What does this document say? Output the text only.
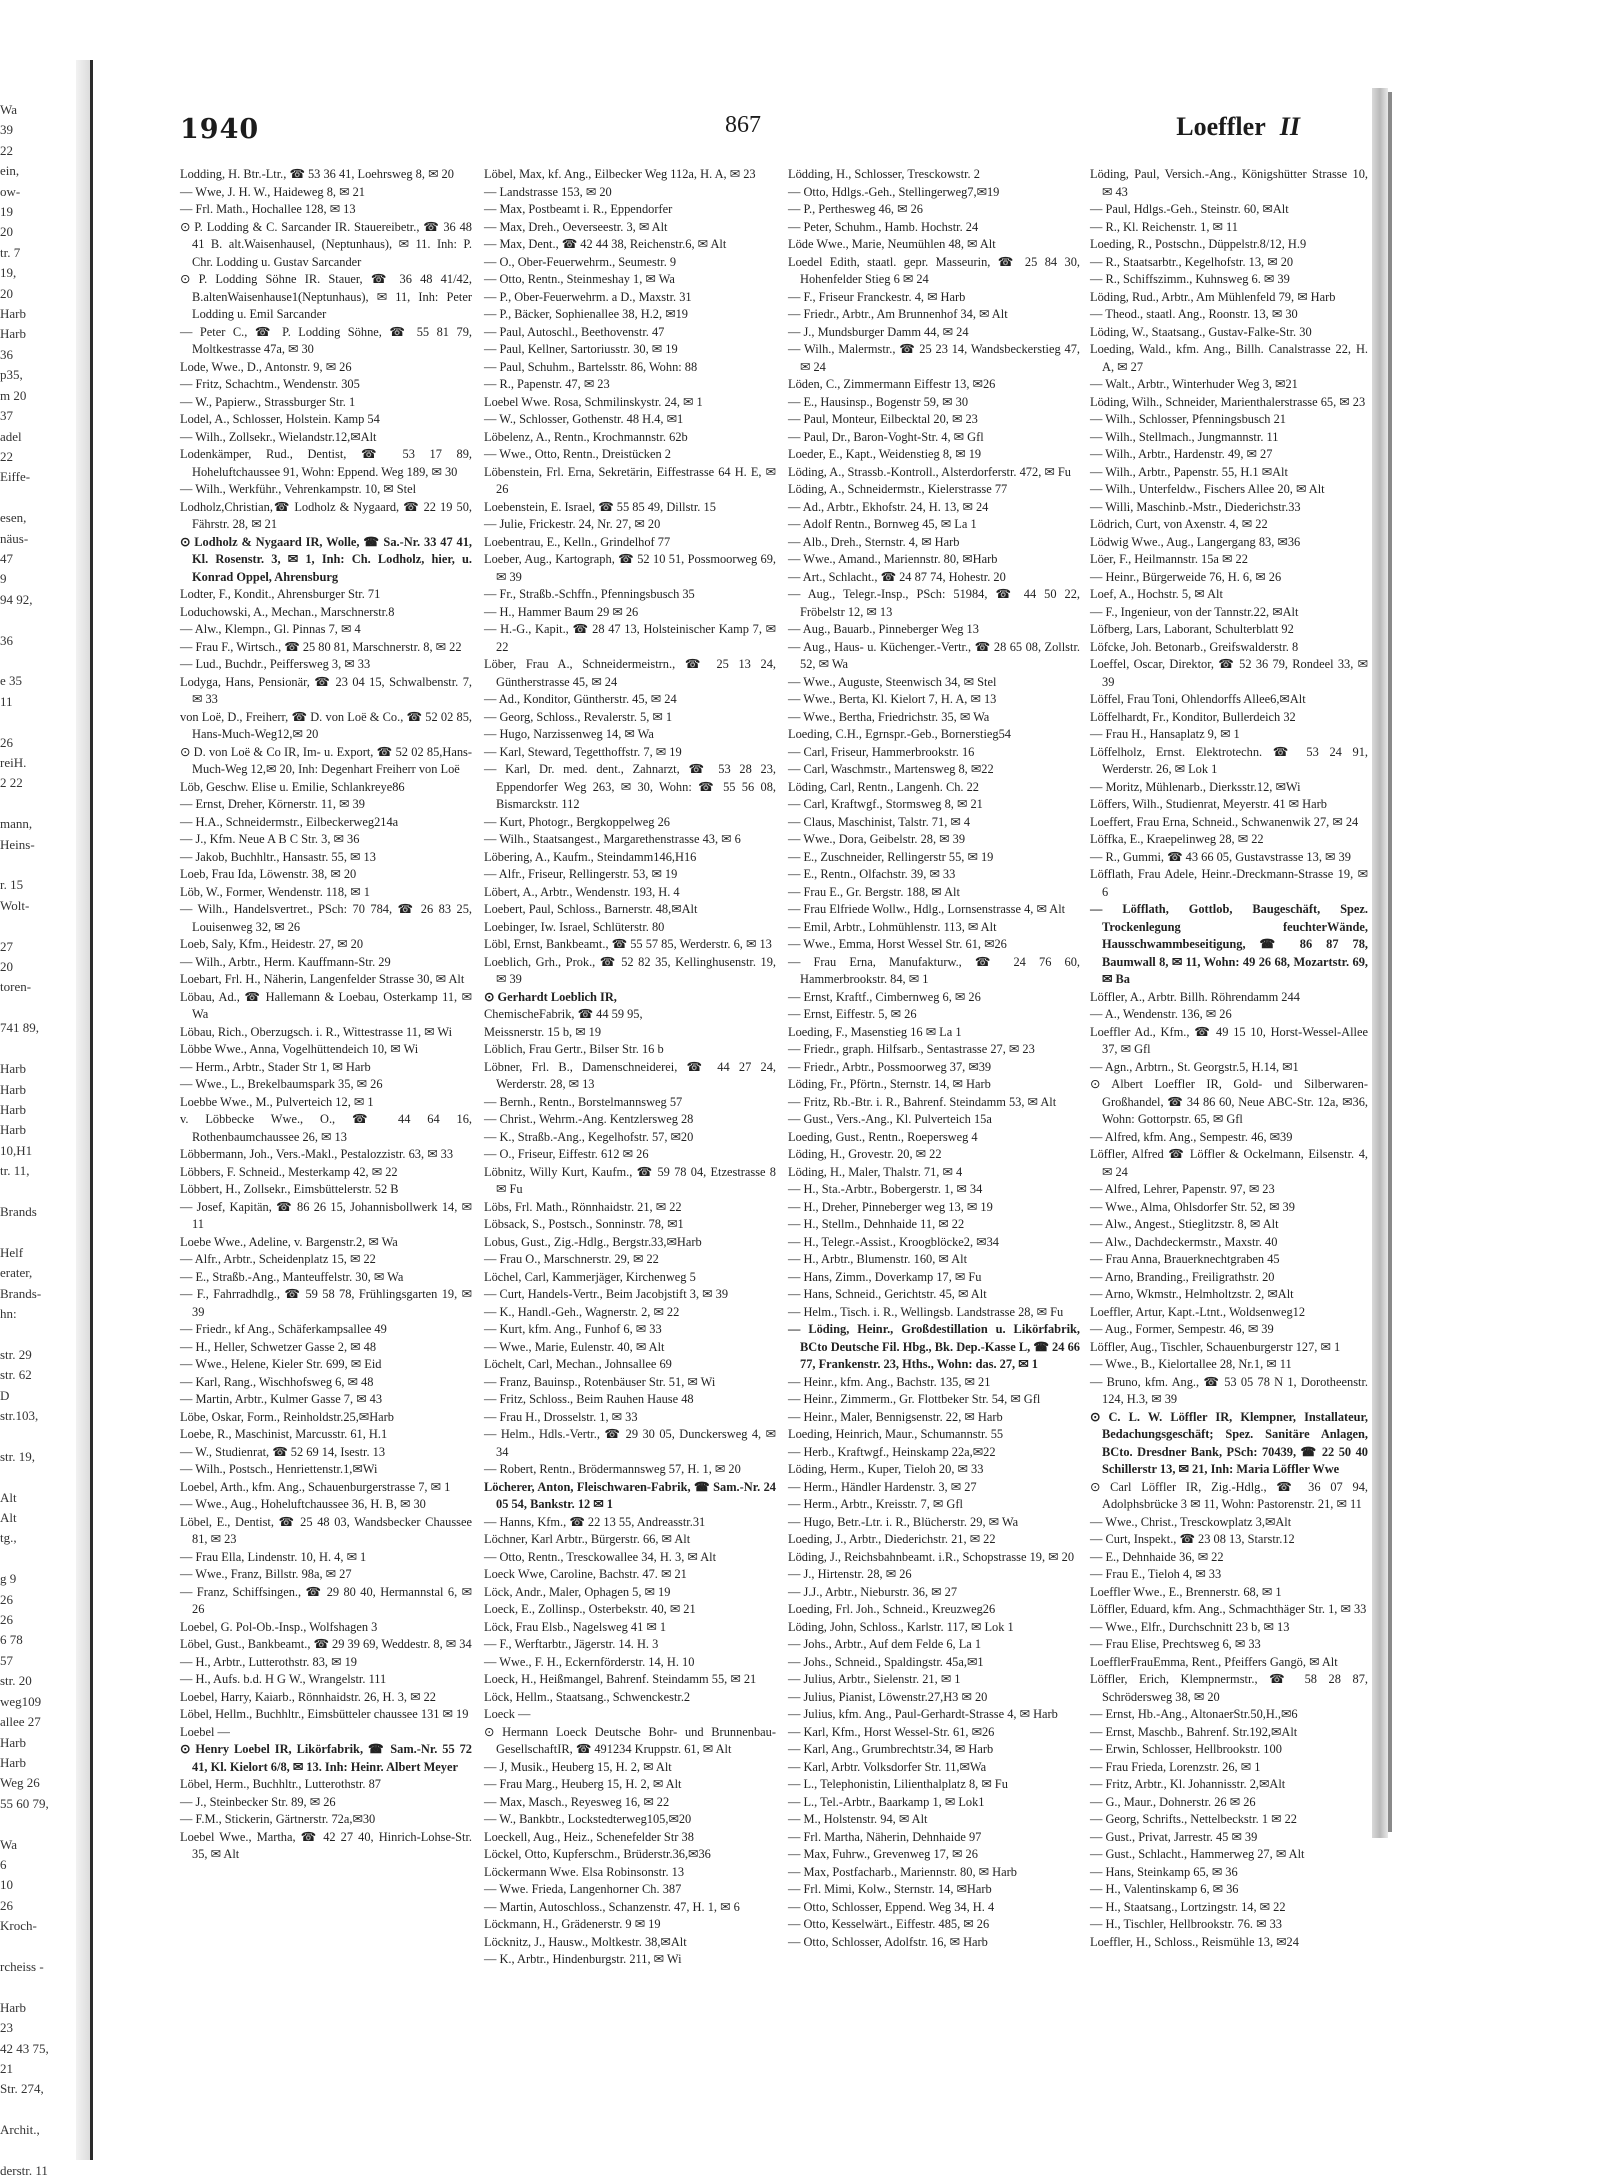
Wa
39
22
ein,
ow-
19
20
tr. 7
19,
20
Harb
Harb
36
p35,
m 20
37
adel
22
Eiffe-

esen,
näus-
47
9
94 92,

36

e 35
11

26
reiH.
2 22

mann,
Heins-

r. 15
Wolt-

27
20
toren-

741 89,

Harb
Harb
Harb
Harb
10,H1
tr. 11,

Brands

Helf
erater,
Brands-
hn:

str. 29
str. 62
D
str.103,

str. 19,

Alt
Alt
tg.,

g 9
26
26
6 78
57
str. 20
weg109
allee 27
Harb
Harb
Weg 26
55 60 79,

Wa
6
10
26
Kroch-

rcheiss -

Harb
23
42 43 75,
21
Str. 274,

Archit.,

derstr. 11
1940	867	Loeffler II

Lodding, H. Btr.-Ltr., ☎ 53 36 41, Loehrsweg 8, ✉ 20

— Wwe, J. H. W., Haideweg 8, ✉ 21

— Frl. Math., Hochallee 128, ✉ 13

⊙ P. Lodding & C. Sarcander IR. Stauereibetr., ☎ 36 48 41 B. alt.Waisenhausel, (Neptunhaus), ✉ 11. Inh: P. Chr. Lodding u. Gustav Sarcander

⊙ P. Lodding Söhne IR. Stauer, ☎ 36 48 41/42, B.altenWaisenhause1(Neptunhaus), ✉ 11, Inh: Peter Lodding u. Emil Sarcander

— Peter C., ☎ P. Lodding Söhne, ☎ 55 81 79, Moltkestrasse 47a, ✉ 30

Lode, Wwe., D., Antonstr. 9, ✉ 26

— Fritz, Schachtm., Wendenstr. 305

— W., Papierw., Strassburger Str. 1

Lodel, A., Schlosser, Holstein. Kamp 54

— Wilh., Zollsekr., Wielandstr.12,✉Alt

Lodenkämper, Rud., Dentist, ☎ 53 17 89, Hoheluftchaussee 91, Wohn: Eppend. Weg 189, ✉ 30

— Wilh., Werkführ., Vehrenkampstr. 10, ✉ Stel

Lodholz,Christian,☎ Lodholz & Nygaard, ☎ 22 19 50, Fährstr. 28, ✉ 21

⊙ Lodholz & Nygaard IR, Wolle, ☎ Sa.-Nr. 33 47 41, Kl. Rosenstr. 3, ✉ 1, Inh: Ch. Lodholz, hier, u. Konrad Oppel, Ahrensburg

Lodter, F., Kondit., Ahrensburger Str. 71

Loduchowski, A., Mechan., Marschnerstr.8

— Alw., Klempn., Gl. Pinnas 7, ✉ 4

— Frau F., Wirtsch., ☎ 25 80 81, Marschnerstr. 8, ✉ 22

— Lud., Buchdr., Peiffersweg 3, ✉ 33

Lodyga, Hans, Pensionär, ☎ 23 04 15, Schwalbenstr. 7, ✉ 33

von Loë, D., Freiherr, ☎ D. von Loë & Co., ☎ 52 02 85, Hans-Much-Weg12,✉ 20

⊙ D. von Loë & Co IR, Im- u. Export, ☎ 52 02 85,Hans-Much-Weg 12,✉ 20, Inh: Degenhart Freiherr von Loë

Löb, Geschw. Elise u. Emilie, Schlankreye86

— Ernst, Dreher, Körnerstr. 11, ✉ 39

— H.A., Schneidermstr., Eilbeckerweg214a

— J., Kfm. Neue A B C Str. 3, ✉ 36

— Jakob, Buchhltr., Hansastr. 55, ✉ 13

Loeb, Frau Ida, Löwenstr. 38, ✉ 20

Löb, W., Former, Wendenstr. 118, ✉ 1

— Wilh., Handelsvertret., PSch: 70 784, ☎ 26 83 25, Louisenweg 32, ✉ 26

Loeb, Saly, Kfm., Heidestr. 27, ✉ 20

— Wilh., Arbtr., Herm. Kauffmann-Str. 29

Loebart, Frl. H., Näherin, Langenfelder Strasse 30, ✉ Alt

Löbau, Ad., ☎ Hallemann & Loebau, Osterkamp 11, ✉ Wa

Löbau, Rich., Oberzugsch. i. R., Wittestrasse 11, ✉ Wi

Löbbe Wwe., Anna, Vogelhüttendeich 10, ✉ Wi

— Herm., Arbtr., Stader Str 1, ✉ Harb

— Wwe., L., Brekelbaumspark 35, ✉ 26

Loebbe Wwe., M., Pulverteich 12, ✉ 1

v. Löbbecke Wwe., O., ☎ 44 64 16, Rothenbaumchaussee 26, ✉ 13

Löbbermann, Joh., Vers.-Makl., Pestalozzistr. 63, ✉ 33

Löbbers, F. Schneid., Mesterkamp 42, ✉ 22

Löbbert, H., Zollsekr., Eimsbüttelerstr. 52 B

— Josef, Kapitän, ☎ 86 26 15, Johannisbollwerk 14, ✉ 11

Loebe Wwe., Adeline, v. Bargenstr.2, ✉ Wa

— Alfr., Arbtr., Scheidenplatz 15, ✉ 22

— E., Straßb.-Ang., Manteuffelstr. 30, ✉ Wa

— F., Fahrradhdlg., ☎ 59 58 78, Frühlingsgarten 19, ✉ 39

— Friedr., kf Ang., Schäferkampsallee 49

— H., Heller, Schwetzer Gasse 2, ✉ 48

— Wwe., Helene, Kieler Str. 699, ✉ Eid

— Karl, Rang., Wischhofsweg 6, ✉ 48

— Martin, Arbtr., Kulmer Gasse 7, ✉ 43

Löbe, Oskar, Form., Reinholdstr.25,✉Harb

Loebe, R., Maschinist, Marcusstr. 61, H.1

— W., Studienrat, ☎ 52 69 14, Isestr. 13

— Wilh., Postsch., Henriettenstr.1,✉Wi

Loebel, Arth., kfm. Ang., Schauenburgerstrasse 7, ✉ 1

— Wwe., Aug., Hoheluftchaussee 36, H. B, ✉ 30

Löbel, E., Dentist, ☎ 25 48 03, Wandsbecker Chaussee 81, ✉ 23

— Frau Ella, Lindenstr. 10, H. 4, ✉ 1

— Wwe., Franz, Billstr. 98a, ✉ 27

— Franz, Schiffsingen., ☎ 29 80 40, Hermannstal 6, ✉ 26

Loebel, G. Pol-Ob.-Insp., Wolfshagen 3

Löbel, Gust., Bankbeamt., ☎ 29 39 69, Weddestr. 8, ✉ 34

— H., Arbtr., Lutterothstr. 83, ✉ 19

— H., Aufs. b.d. H G W., Wrangelstr. 111

Loebel, Harry, Kaiarb., Rönnhaidstr. 26, H. 3, ✉ 22

Löbel, Hellm., Buchhltr., Eimsbütteler chaussee 131 ✉ 19

Loebel —

⊙ Henry Loebel IR, Likörfabrik, ☎ Sam.-Nr. 55 72 41, Kl. Kielort 6/8, ✉ 13. Inh: Heinr. Albert Meyer

Löbel, Herm., Buchhltr., Lutterothstr. 87

— J., Steinbecker Str. 89, ✉ 26

— F.M., Stickerin, Gärtnerstr. 72a,✉30

Loebel Wwe., Martha, ☎ 42 27 40, Hinrich-Lohse-Str. 35, ✉ Alt

Löbel, Max, kf. Ang., Eilbecker Weg 112a, H. A, ✉ 23

— Landstrasse 153, ✉ 20

— Max, Postbeamt i. R., Eppendorfer

— Max, Dreh., Oeverseestr. 3, ✉ Alt

— Max, Dent., ☎ 42 44 38, Reichenstr.6, ✉ Alt

— O., Ober-Feuerwehrm., Seumestr. 9

— Otto, Rentn., Steinmeshay 1, ✉ Wa

— P., Ober-Feuerwehrm. a D., Maxstr. 31

— P., Bäcker, Sophienallee 38, H.2, ✉19

— Paul, Autoschl., Beethovenstr. 47

— Paul, Kellner, Sartoriusstr. 30, ✉ 19

— Paul, Schuhm., Bartelsstr. 86, Wohn: 88

— R., Papenstr. 47, ✉ 23

Loebel Wwe. Rosa, Schmilinskystr. 24, ✉ 1

— W., Schlosser, Gothenstr. 48 H.4, ✉1

Löbelenz, A., Rentn., Krochmannstr. 62b

— Wwe., Otto, Rentn., Dreistücken 2

Löbenstein, Frl. Erna, Sekretärin, Eiffestrasse 64 H. E, ✉ 26

Loebenstein, E. Israel, ☎ 55 85 49, Dillstr. 15

— Julie, Frickestr. 24, Nr. 27, ✉ 20

Loebentrau, E., Kelln., Grindelhof 77

Loeber, Aug., Kartograph, ☎ 52 10 51, Possmoorweg 69, ✉ 39

— Fr., Straßb.-Schffn., Pfenningsbusch 35

— H., Hammer Baum 29 ✉ 26

— H.-G., Kapit., ☎ 28 47 13, Holsteinischer Kamp 7, ✉ 22

Löber, Frau A., Schneidermeistrn., ☎ 25 13 24, Güntherstrasse 45, ✉ 24

— Ad., Konditor, Güntherstr. 45, ✉ 24

— Georg, Schloss., Revalerstr. 5, ✉ 1

— Hugo, Narzissenweg 14, ✉ Wa

— Karl, Steward, Tegetthoffstr. 7, ✉ 19

— Karl, Dr. med. dent., Zahnarzt, ☎ 53 28 23, Eppendorfer Weg 263, ✉ 30, Wohn: ☎ 55 56 08, Bismarckstr. 112

— Kurt, Photogr., Bergkoppelweg 26

— Wilh., Staatsangest., Margarethenstrasse 43, ✉ 6

Löbering, A., Kaufm., Steindamm146,H16

— Alfr., Friseur, Rellingerstr. 53, ✉ 19

Löbert, A., Arbtr., Wendenstr. 193, H. 4

Loebert, Paul, Schloss., Barnerstr. 48,✉Alt

Loebinger, Iw. Israel, Schlüterstr. 80

Löbl, Ernst, Bankbeamt., ☎ 55 57 85, Werderstr. 6, ✉ 13

Loeblich, Grh., Prok., ☎ 52 82 35, Kellinghusenstr. 19, ✉ 39

⊙ Gerhardt Loeblich IR,

ChemischeFabrik, ☎ 44 59 95,

Meissnerstr. 15 b, ✉ 19

Löblich, Frau Gertr., Bilser Str. 16 b

Löbner, Frl. B., Damenschneiderei, ☎ 44 27 24, Werderstr. 28, ✉ 13

— Bernh., Rentn., Borstelmannsweg 57

— Christ., Wehrm.-Ang. Kentzlersweg 28

— K., Straßb.-Ang., Kegelhofstr. 57, ✉20

— O., Friseur, Eiffestr. 612 ✉ 26

Löbnitz, Willy Kurt, Kaufm., ☎ 59 78 04, Etzestrasse 8 ✉ Fu

Löbs, Frl. Math., Rönnhaidstr. 21, ✉ 22

Löbsack, S., Postsch., Sonninstr. 78, ✉1

Lobus, Gust., Zig.-Hdlg., Bergstr.33,✉Harb

— Frau O., Marschnerstr. 29, ✉ 22

Löchel, Carl, Kammerjäger, Kirchenweg 5

— Curt, Handels-Vertr., Beim Jacobjstift 3, ✉ 39

— K., Handl.-Geh., Wagnerstr. 2, ✉ 22

— Kurt, kfm. Ang., Funhof 6, ✉ 33

— Wwe., Marie, Eulenstr. 40, ✉ Alt

Löchelt, Carl, Mechan., Johnsallee 69

— Franz, Bauinsp., Rotenbäuser Str. 51, ✉ Wi

— Fritz, Schloss., Beim Rauhen Hause 48

— Frau H., Drosselstr. 1, ✉ 33

— Helm., Hdls.-Vertr., ☎ 29 30 05, Dunckersweg 4, ✉ 34

— Robert, Rentn., Brödermannsweg 57, H. 1, ✉ 20

Löcherer, Anton, Fleischwaren-Fabrik, ☎ Sam.-Nr. 24 05 54, Bankstr. 12 ✉ 1

— Hanns, Kfm., ☎ 22 13 55, Andreasstr.31

Löchner, Karl Arbtr., Bürgerstr. 66, ✉ Alt

— Otto, Rentn., Tresckowallee 34, H. 3, ✉ Alt

Loeck Wwe, Caroline, Bachstr. 47. ✉ 21

Löck, Andr., Maler, Ophagen 5, ✉ 19

Loeck, E., Zollinsp., Osterbekstr. 40, ✉ 21

Löck, Frau Elsb., Nagelsweg 41 ✉ 1

— F., Werftarbtr., Jägerstr. 14. H. 3

— Wwe., F. H., Eckernförderstr. 14, H. 10

Loeck, H., Heißmangel, Bahrenf. Steindamm 55, ✉ 21

Löck, Hellm., Staatsang., Schwenckestr.2

Loeck —

⊙ Hermann Loeck Deutsche Bohr- und Brunnenbau-GesellschaftIR, ☎ 491234 Kruppstr. 61, ✉ Alt

— J, Musik., Heuberg 15, H. 2, ✉ Alt

— Frau Marg., Heuberg 15, H. 2, ✉ Alt

— Max, Masch., Reyesweg 16, ✉ 22

— W., Bankbtr., Lockstedterweg105,✉20

Loeckell, Aug., Heiz., Schenefelder Str 38

Löckel, Otto, Kupferschm., Brüderstr.36,✉36

Löckermann Wwe. Elsa Robinsonstr. 13

— Wwe. Frieda, Langenhorner Ch. 387

— Martin, Autoschloss., Schanzenstr. 47, H. 1, ✉ 6

Löckmann, H., Grädenerstr. 9 ✉ 19

Löcknitz, J., Hausw., Moltkestr. 38,✉Alt

— K., Arbtr., Hindenburgstr. 211, ✉ Wi

Lödding, H., Schlosser, Tresckowstr. 2

— Otto, Hdlgs.-Geh., Stellingerweg7,✉19

— P., Perthesweg 46, ✉ 26

— Peter, Schuhm., Hamb. Hochstr. 24

Löde Wwe., Marie, Neumühlen 48, ✉ Alt

Loedel Edith, staatl. gepr. Masseurin, ☎ 25 84 30, Hohenfelder Stieg 6 ✉ 24

— F., Friseur Franckestr. 4, ✉ Harb

— Friedr., Arbtr., Am Brunnenhof 34, ✉ Alt

— J., Mundsburger Damm 44, ✉ 24

— Wilh., Malermstr., ☎ 25 23 14, Wandsbeckerstieg 47, ✉ 24

Löden, C., Zimmermann Eiffestr 13, ✉26

— E., Hausinsp., Bogenstr 59, ✉ 30

— Paul, Monteur, Eilbecktal 20, ✉ 23

— Paul, Dr., Baron-Voght-Str. 4, ✉ Gfl

Loeder, E., Kapt., Weidenstieg 8, ✉ 19

Löding, A., Strassb.-Kontroll., Alsterdorferstr. 472, ✉ Fu

Löding, A., Schneidermstr., Kielerstrasse 77

— Ad., Arbtr., Ekhofstr. 24, H. 13, ✉ 24

— Adolf Rentn., Bornweg 45, ✉ La 1

— Alb., Dreh., Sternstr. 4, ✉ Harb

— Wwe., Amand., Mariennstr. 80, ✉Harb

— Art., Schlacht., ☎ 24 87 74, Hohestr. 20

— Aug., Telegr.-Insp., PSch: 51984, ☎ 44 50 22, Fröbelstr 12, ✉ 13

— Aug., Bauarb., Pinneberger Weg 13

— Aug., Haus- u. Küchenger.-Vertr., ☎ 28 65 08, Zollstr. 52, ✉ Wa

— Wwe., Auguste, Steenwisch 34, ✉ Stel

— Wwe., Berta, Kl. Kielort 7, H. A, ✉ 13

— Wwe., Bertha, Friedrichstr. 35, ✉ Wa

Loeding, C.H., Egrnspr.-Geb., Bornerstieg54

— Carl, Friseur, Hammerbrookstr. 16

— Carl, Waschmstr., Martensweg 8, ✉22

Löding, Carl, Rentn., Langenh. Ch. 22

— Carl, Kraftwgf., Stormsweg 8, ✉ 21

— Claus, Maschinist, Talstr. 71, ✉ 4

— Wwe., Dora, Geibelstr. 28, ✉ 39

— E., Zuschneider, Rellingerstr 55, ✉ 19

— E., Rentn., Olfachstr. 39, ✉ 33

— Frau E., Gr. Bergstr. 188, ✉ Alt

— Frau Elfriede Wollw., Hdlg., Lornsenstrasse 4, ✉ Alt

— Emil, Arbtr., Lohmühlenstr. 113, ✉ Alt

— Wwe., Emma, Horst Wessel Str. 61, ✉26

— Frau Erna, Manufakturw., ☎ 24 76 60, Hammerbrookstr. 84, ✉ 1

— Ernst, Kraftf., Cimbernweg 6, ✉ 26

— Ernst, Eiffestr. 5, ✉ 26

Loeding, F., Masenstieg 16 ✉ La 1

— Friedr., graph. Hilfsarb., Sentastrasse 27, ✉ 23

— Friedr., Arbtr., Possmoorweg 37, ✉39

Löding, Fr., Pförtn., Sternstr. 14, ✉ Harb

— Fritz, Rb.-Btr. i. R., Bahrenf. Steindamm 53, ✉ Alt

— Gust., Vers.-Ang., Kl. Pulverteich 15a

Loeding, Gust., Rentn., Roepersweg 4

Löding, H., Grovestr. 20, ✉ 22

Löding, H., Maler, Thalstr. 71, ✉ 4

— H., Sta.-Arbtr., Bobergerstr. 1, ✉ 34

— H., Dreher, Pinneberger weg 13, ✉ 19

— H., Stellm., Dehnhaide 11, ✉ 22

— H., Telegr.-Assist., Kroogblöcke2, ✉34

— H., Arbtr., Blumenstr. 160, ✉ Alt

— Hans, Zimm., Doverkamp 17, ✉ Fu

— Hans, Schneid., Gerichtstr. 45, ✉ Alt

— Helm., Tisch. i. R., Wellingsb. Landstrasse 28, ✉ Fu

— Löding, Heinr., Großdestillation u. Likörfabrik, BCto Deutsche Fil. Hbg., Bk. Dep.-Kasse L, ☎ 24 66 77, Frankenstr. 23, Hths., Wohn: das. 27, ✉ 1

— Heinr., kfm. Ang., Bachstr. 135, ✉ 21

— Heinr., Zimmerm., Gr. Flottbeker Str. 54, ✉ Gfl

— Heinr., Maler, Bennigsenstr. 22, ✉ Harb

Loeding, Heinrich, Maur., Schumannstr. 55

— Herb., Kraftwgf., Heinskamp 22a,✉22

Löding, Herm., Kuper, Tieloh 20, ✉ 33

— Herm., Händler Hardenstr. 3, ✉ 27

— Herm., Arbtr., Kreisstr. 7, ✉ Gfl

— Hugo, Betr.-Ltr. i. R., Blücherstr. 29, ✉ Wa

Loeding, J., Arbtr., Diederichstr. 21, ✉ 22

Löding, J., Reichsbahnbeamt. i.R., Schopstrasse 19, ✉ 20

— J., Hirtenstr. 28, ✉ 26

— J.J., Arbtr., Nieburstr. 36, ✉ 27

Loeding, Frl. Joh., Schneid., Kreuzweg26

Löding, John, Schloss., Karlstr. 117, ✉ Lok 1

— Johs., Arbtr., Auf dem Felde 6, La 1

— Johs., Schneid., Spaldingstr. 45a,✉1

— Julius, Arbtr., Sielenstr. 21, ✉ 1

— Julius, Pianist, Löwenstr.27,H3 ✉ 20

— Julius, kfm. Ang., Paul-Gerhardt-Strasse 4, ✉ Harb

— Karl, Kfm., Horst Wessel-Str. 61, ✉26

— Karl, Ang., Grumbrechtstr.34, ✉ Harb

— Karl, Arbtr. Volksdorfer Str. 11,✉Wa

— L., Telephonistin, Lilienthalplatz 8, ✉ Fu

— L., Tel.-Arbtr., Baarkamp 1, ✉ Lok1

— M., Holstenstr. 94, ✉ Alt

— Frl. Martha, Näherin, Dehnhaide 97

— Max, Fuhrw., Grevenweg 17, ✉ 26

— Max, Postfacharb., Mariennstr. 80, ✉ Harb

— Frl. Mimi, Kolw., Sternstr. 14, ✉Harb

— Otto, Schlosser, Eppend. Weg 34, H. 4

— Otto, Kesselwärt., Eiffestr. 485, ✉ 26

— Otto, Schlosser, Adolfstr. 16, ✉ Harb

Löding, Paul, Versich.-Ang., Königshütter Strasse 10, ✉ 43

— Paul, Hdlgs.-Geh., Steinstr. 60, ✉Alt

— R., Kl. Reichenstr. 1, ✉ 11

Loeding, R., Postschn., Düppelstr.8/12, H.9

— R., Staatsarbtr., Kegelhofstr. 13, ✉ 20

— R., Schiffszimm., Kuhnsweg 6. ✉ 39

Löding, Rud., Arbtr., Am Mühlenfeld 79, ✉ Harb

— Theod., staatl. Ang., Roonstr. 13, ✉ 30

Löding, W., Staatsang., Gustav-Falke-Str. 30

Loeding, Wald., kfm. Ang., Billh. Canalstrasse 22, H. A, ✉ 27

— Walt., Arbtr., Winterhuder Weg 3, ✉21

Löding, Wilh., Schneider, Marienthalerstrasse 65, ✉ 23

— Wilh., Schlosser, Pfenningsbusch 21

— Wilh., Stellmach., Jungmannstr. 11

— Wilh., Arbtr., Hardenstr. 49, ✉ 27

— Wilh., Arbtr., Papenstr. 55, H.1 ✉Alt

— Wilh., Unterfeldw., Fischers Allee 20, ✉ Alt

— Willi, Maschinb.-Mstr., Diederichstr.33

Lödrich, Curt, von Axenstr. 4, ✉ 22

Lödwig Wwe., Aug., Langergang 83, ✉36

Löer, F., Heilmannstr. 15a ✉ 22

— Heinr., Bürgerweide 76, H. 6, ✉ 26

Loef, A., Hochstr. 5, ✉ Alt

— F., Ingenieur, von der Tannstr.22, ✉Alt

Löfberg, Lars, Laborant, Schulterblatt 92

Löfcke, Joh. Betonarb., Greifswalderstr. 8

Loeffel, Oscar, Direktor, ☎ 52 36 79, Rondeel 33, ✉ 39

Löffel, Frau Toni, Ohlendorffs Allee6,✉Alt

Löffelhardt, Fr., Konditor, Bullerdeich 32

— Frau H., Hansaplatz 9, ✉ 1

Löffelholz, Ernst. Elektrotechn. ☎ 53 24 91, Werderstr. 26, ✉ Lok 1

— Moritz, Mühlenarb., Dierksstr.12, ✉Wi

Löffers, Wilh., Studienrat, Meyerstr. 41 ✉ Harb

Loeffert, Frau Erna, Schneid., Schwanenwik 27, ✉ 24

Löffka, E., Kraepelinweg 28, ✉ 22

— R., Gummi, ☎ 43 66 05, Gustavstrasse 13, ✉ 39

Löfflath, Frau Adele, Heinr.-Dreckmann-Strasse 19, ✉ 6

— Löfflath, Gottlob, Baugeschäft, Spez. Trockenlegung feuchterWände, Hausschwammbeseitigung, ☎ 86 87 78, Baumwall 8, ✉ 11, Wohn: 49 26 68, Mozartstr. 69, ✉ Ba

Löffler, A., Arbtr. Billh. Röhrendamm 244

— A., Wendenstr. 136, ✉ 26

Loeffler Ad., Kfm., ☎ 49 15 10, Horst-Wessel-Allee 37, ✉ Gfl

— Agn., Arbtrn., St. Georgstr.5, H.14, ✉1

⊙ Albert Loeffler IR, Gold- und Silberwaren-Großhandel, ☎ 34 86 60, Neue ABC-Str. 12a, ✉36, Wohn: Gottorpstr. 65, ✉ Gfl

— Alfred, kfm. Ang., Sempestr. 46, ✉39

Löffler, Alfred ☎ Löffler & Ockelmann, Eilsenstr. 4, ✉ 24

— Alfred, Lehrer, Papenstr. 97, ✉ 23

— Wwe., Alma, Ohlsdorfer Str. 52, ✉ 39

— Alw., Angest., Stieglitzstr. 8, ✉ Alt

— Alw., Dachdeckermstr., Maxstr. 40

— Frau Anna, Brauerknechtgraben 45

— Arno, Branding., Freiligrathstr. 20

— Arno, Wkmstr., Helmholtzstr. 2, ✉Alt

Loeffler, Artur, Kapt.-Ltnt., Woldsenweg12

— Aug., Former, Sempestr. 46, ✉ 39

Löffler, Aug., Tischler, Schauenburgerstr 127, ✉ 1

— Wwe., B., Kielortallee 28, Nr.1, ✉ 11

— Bruno, kfm. Ang., ☎ 53 05 78 N 1, Dorotheenstr. 124, H.3, ✉ 39

⊙ C. L. W. Löffler IR, Klempner, Installateur, Bedachungsgeschäft; Spez. Sanitäre Anlagen, BCto. Dresdner Bank, PSch: 70439, ☎ 22 50 40 Schillerstr 13, ✉ 21, Inh: Maria Löffler Wwe

⊙ Carl Löffler IR, Zig.-Hdlg., ☎ 36 07 94, Adolphsbrücke 3 ✉ 11, Wohn: Pastorenstr. 21, ✉ 11

— Wwe., Christ., Tresckowplatz 3,✉Alt

— Curt, Inspekt., ☎ 23 08 13, Starstr.12

— E., Dehnhaide 36, ✉ 22

— Frau E., Tieloh 4, ✉ 33

Loeffler Wwe., E., Brennerstr. 68, ✉ 1

Löffler, Eduard, kfm. Ang., Schmachthäger Str. 1, ✉ 33

— Wwe., Elfr., Durchschnitt 23 b, ✉ 13

— Frau Elise, Prechtsweg 6, ✉ 33

LoefflerFrauEmma, Rent., Pfeiffers Gangö, ✉ Alt

Löffler, Erich, Klempnermstr., ☎ 58 28 87, Schrödersweg 38, ✉ 20

— Ernst, Hb.-Ang., AltonaerStr.50,H.,✉6

— Ernst, Maschb., Bahrenf. Str.192,✉Alt

— Erwin, Schlosser, Hellbrookstr. 100

— Frau Frieda, Lorenzstr. 26, ✉ 1

— Fritz, Arbtr., Kl. Johannisstr. 2,✉Alt

— G., Maur., Dohnerstr. 26 ✉ 26

— Georg, Schrifts., Nettelbeckstr. 1 ✉ 22

— Gust., Privat, Jarrestr. 45 ✉ 39

— Gust., Schlacht., Hammerweg 27, ✉ Alt

— Hans, Steinkamp 65, ✉ 36

— H., Valentinskamp 6, ✉ 36

— H., Staatsang., Lortzingstr. 14, ✉ 22

— H., Tischler, Hellbrookstr. 76. ✉ 33

Loeffler, H., Schloss., Reismühle 13, ✉24
